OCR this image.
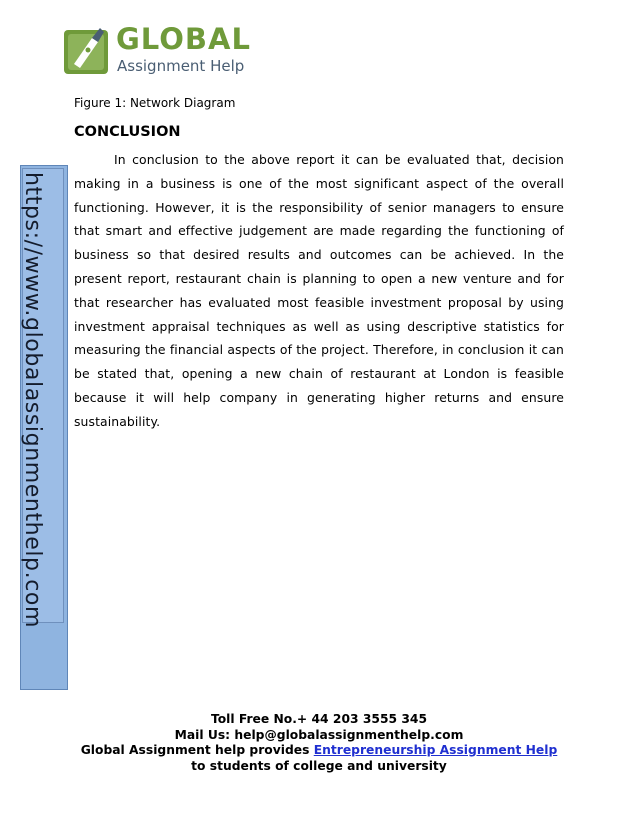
GLOBAL
Assignment Help
https://www.globalassignmenthelp.com
Figure 1: Network Diagram
CONCLUSION

In conclusion to the above report it can be evaluated that, decision making in a business is one of the most significant aspect of the overall functioning. However, it is the responsibility of senior managers to ensure that smart and effective judgement are made regarding the functioning of business so that desired results and outcomes can be achieved. In the present report, restaurant chain is planning to open a new venture and for that researcher has evaluated most feasible investment proposal by using investment appraisal techniques as well as using descriptive statistics for measuring the financial aspects of the project. Therefore, in conclusion it can be stated that, opening a new chain of restaurant at London is feasible because it will help company in generating higher returns and ensure sustainability.

Toll Free No.+ 44 203 3555 345
Mail Us: help@globalassignmenthelp.com
Global Assignment help provides Entrepreneurship Assignment Help
to students of college and university
